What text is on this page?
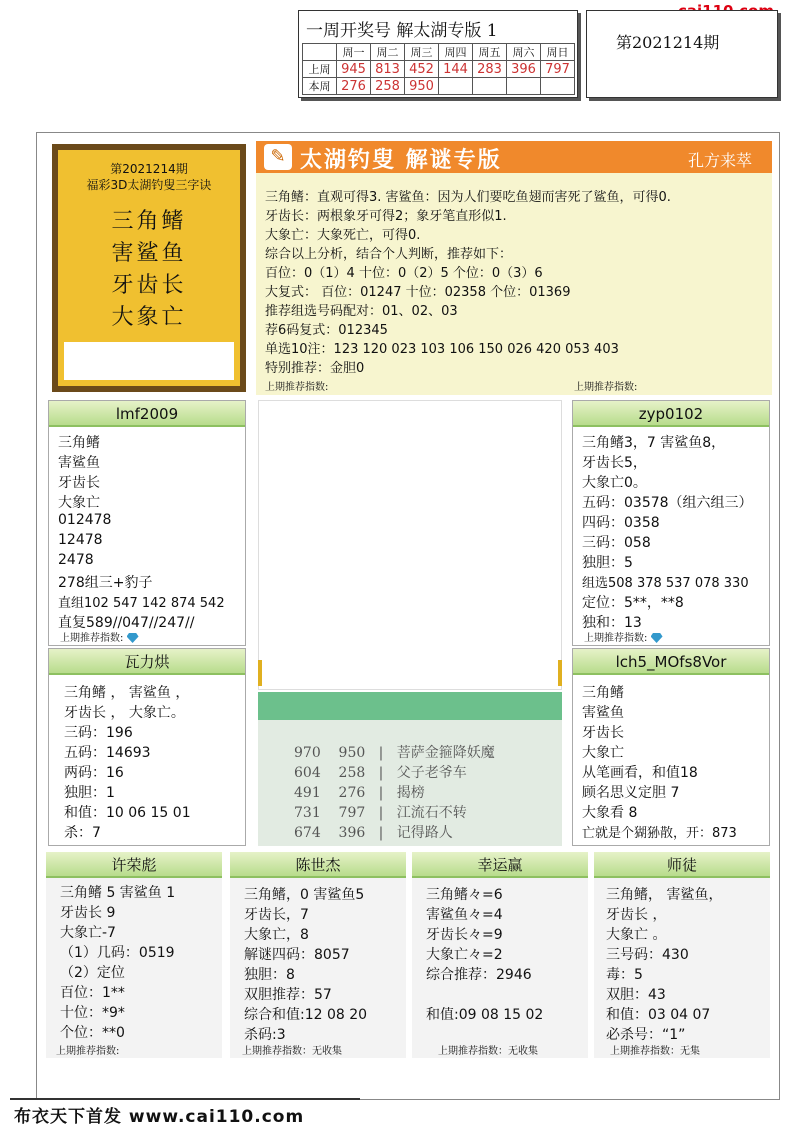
一周开奖号 解太湖专版 1
	周一	周二	周三	周四	周五	周六	周日
上周	945	813	452	144	283	396	797
本周	276	258	950				
第2021214期
第2021214期
福彩3D太湖钓叟三字诀
三角鳍
害鲨鱼
牙齿长
大象亡
✎ 太湖钓叟 解谜专版	孔方来萃
三角鳍：直观可得3. 害鲨鱼：因为人们要吃鱼翅而害死了鲨鱼，可得0.
牙齿长：两根象牙可得2；象牙笔直形似1.
大象亡：大象死亡，可得0.
综合以上分析，结合个人判断，推荐如下：
百位：0（1）4 十位：0（2）5 个位：0（3）6
大复式： 百位：01247 十位：02358 个位：01369
推荐组选号码配对：01、02、03
荐6码复式：012345
单选10注：123 120 023 103 106 150 026 420 053 403
特别推荐：金胆0
上期推荐指数:	上期推荐指数:
lmf2009
三角鳍
害鲨鱼
牙齿长
大象亡
012478
12478
2478
278组三+豹子
直组102 547 142 874 542
直复589//047//247//
上期推荐指数:
zyp0102
三角鳍3，7 害鲨鱼8，
牙齿长5，
大象亡0。
五码：03578（组六组三）
四码：0358
三码：058
独胆：5
组选508 378 537 078 330
定位：5**，**8
独和：13
上期推荐指数:
970 950 | 菩萨金箍降妖魔
604 258 | 父子老爷车
491 276 | 揭榜
731 797 | 江流石不转
674 396 | 记得路人
瓦力烘
三角鳍 ， 害鲨鱼 ，
牙齿长 ， 大象亡。
三码：196
五码：14693
两码：16
独胆：1
和值：10 06 15 01
杀：7
lch5_MOfs8Vor
三角鳍
害鲨鱼
牙齿长
大象亡
从笔画看，和值18
顾名思义定胆 7
大象看 8
亡就是个猢狲散，开：873
许荣彪
三角鳍 5 害鲨鱼 1
牙齿长 9
大象亡-7
（1）几码：0519
（2）定位
百位：1**
十位：*9*
个位：**0
上期推荐指数:
陈世杰
三角鳍，0 害鲨鱼5
牙齿长，7
大象亡，8
解谜四码：8057
独胆：8
双胆推荐：57
综合和值:12 08 20
杀码:3
上期推荐指数：无收集
幸运赢
三角鳍々=6
害鲨鱼々=4
牙齿长々=9
大象亡々=2
综合推荐：2946
和值:09 08 15 02
上期推荐指数：无收集
师徒
三角鳍， 害鲨鱼，
牙齿长 ，
大象亡 。
三号码：430
毒：5
双胆：43
和值：03 04 07
必杀号：“1”
上期推荐指数：无集
布衣天下首发 www.cai110.com
